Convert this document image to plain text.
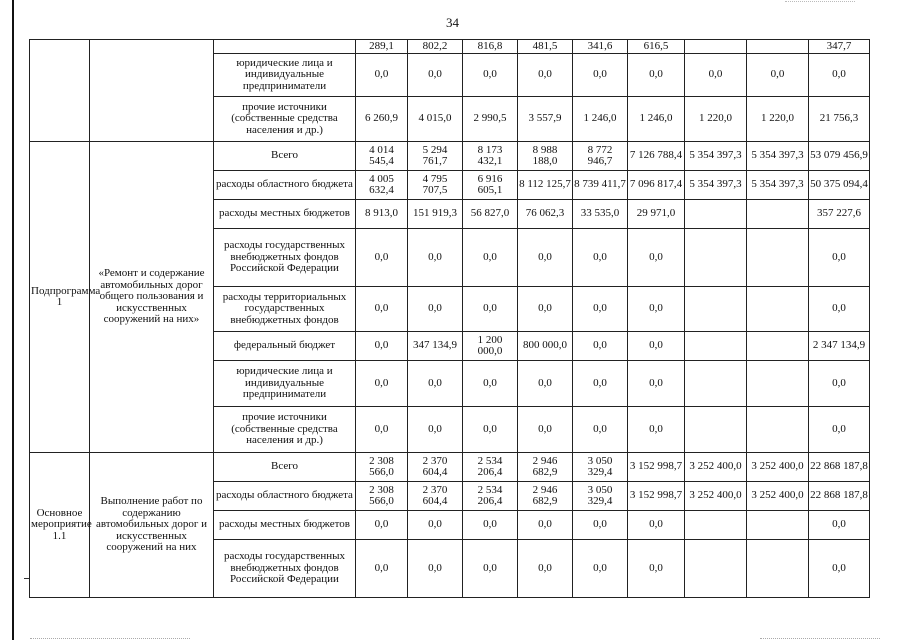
34
			289,1	802,2	816,8	481,5	341,6	616,5			347,7
		юридические лица и индивидуальные предприниматели	0,0	0,0	0,0	0,0	0,0	0,0	0,0	0,0	0,0
		прочие источники (собственные средства населения и др.)	6 260,9	4 015,0	2 990,5	3 557,9	1 246,0	1 246,0	1 220,0	1 220,0	21 756,3
Подпрограмма 1	«Ремонт и содержание автомобильных дорог общего пользования и искусственных сооружений на них»	Всего	4 014 545,4	5 294 761,7	8 173 432,1	8 988 188,0	8 772 946,7	7 126 788,4	5 354 397,3	5 354 397,3	53 079 456,9
		расходы областного бюджета	4 005 632,4	4 795 707,5	6 916 605,1	8 112 125,7	8 739 411,7	7 096 817,4	5 354 397,3	5 354 397,3	50 375 094,4
		расходы местных бюджетов	8 913,0	151 919,3	56 827,0	76 062,3	33 535,0	29 971,0			357 227,6
		расходы государственных внебюджетных фондов Российской Федерации	0,0	0,0	0,0	0,0	0,0	0,0			0,0
		расходы территориальных государственных внебюджетных фондов	0,0	0,0	0,0	0,0	0,0	0,0			0,0
		федеральный бюджет	0,0	347 134,9	1 200 000,0	800 000,0	0,0	0,0			2 347 134,9
		юридические лица и индивидуальные предприниматели	0,0	0,0	0,0	0,0	0,0	0,0			0,0
		прочие источники (собственные средства населения и др.)	0,0	0,0	0,0	0,0	0,0	0,0			0,0
Основное мероприятие 1.1	Выполнение работ по содержанию автомобильных дорог и искусственных сооружений на них	Всего	2 308 566,0	2 370 604,4	2 534 206,4	2 946 682,9	3 050 329,4	3 152 998,7	3 252 400,0	3 252 400,0	22 868 187,8
		расходы областного бюджета	2 308 566,0	2 370 604,4	2 534 206,4	2 946 682,9	3 050 329,4	3 152 998,7	3 252 400,0	3 252 400,0	22 868 187,8
		расходы местных бюджетов	0,0	0,0	0,0	0,0	0,0	0,0			0,0
		расходы государственных внебюджетных фондов Российской Федерации	0,0	0,0	0,0	0,0	0,0	0,0			0,0
